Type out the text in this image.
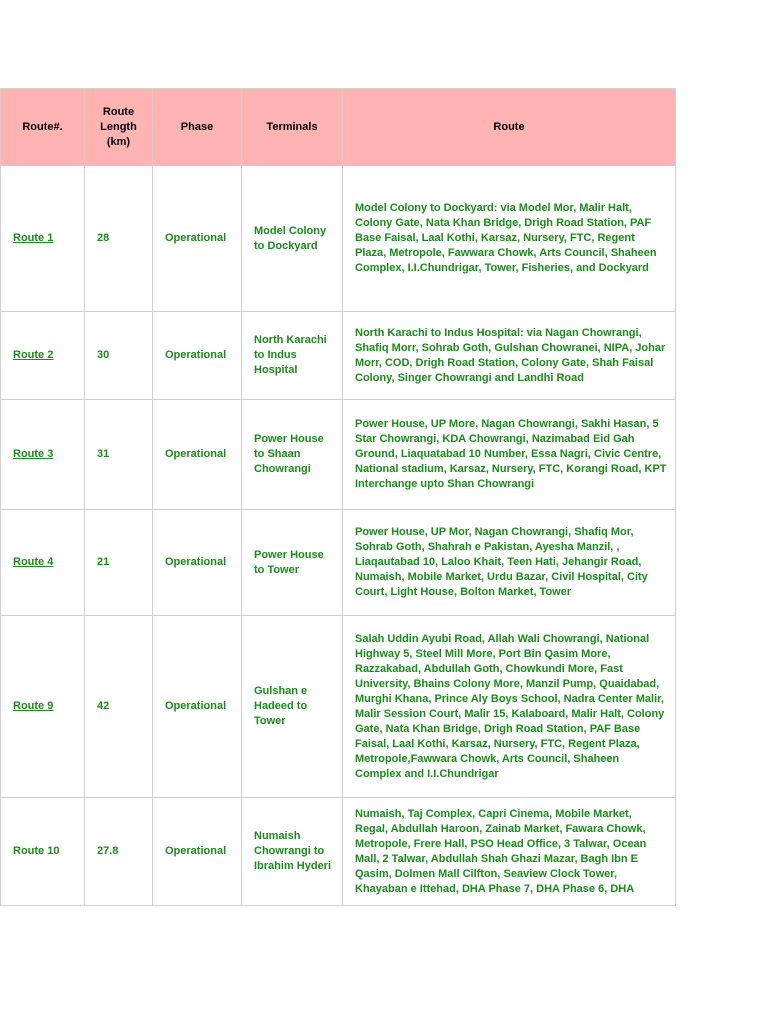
Route#.	Route
Length
(km)	Phase	Terminals	Route
Route 1	28	Operational	Model Colony to Dockyard	Model Colony to Dockyard: via Model Mor, Malir Halt, Colony Gate, Nata Khan Bridge, Drigh Road Station, PAF Base Faisal, Laal Kothi, Karsaz, Nursery, FTC, Regent Plaza, Metropole, Fawwara Chowk, Arts Council, Shaheen Complex, I.I.Chundrigar, Tower, Fisheries, and Dockyard
Route 2	30	Operational	North Karachi to Indus Hospital	North Karachi to Indus Hospital: via Nagan Chowrangi, Shafiq Morr, Sohrab Goth, Gulshan Chowranei, NIPA, Johar Morr, COD, Drigh Road Station, Colony Gate, Shah Faisal Colony, Singer Chowrangi and Landhi Road
Route 3	31	Operational	Power House to Shaan Chowrangi	Power House, UP More, Nagan Chowrangi, Sakhi Hasan, 5 Star Chowrangi, KDA Chowrangi, Nazimabad Eid Gah Ground, Liaquatabad 10 Number, Essa Nagri, Civic Centre, National stadium, Karsaz, Nursery, FTC, Korangi Road, KPT Interchange upto Shan Chowrangi
Route 4	21	Operational	Power House to Tower	Power House, UP Mor, Nagan Chowrangi, Shafiq Mor, Sohrab Goth, Shahrah e Pakistan, Ayesha Manzil, , Liaqautabad 10, Laloo Khait, Teen Hati, Jehangir Road, Numaish, Mobile Market, Urdu Bazar, Civil Hospital, City Court, Light House, Bolton Market, Tower
Route 9	42	Operational	Gulshan e Hadeed to Tower	Salah Uddin Ayubi Road, Allah Wali Chowrangi, National Highway 5, Steel Mill More, Port Bin Qasim More, Razzakabad, Abdullah Goth, Chowkundi More, Fast University, Bhains Colony More, Manzil Pump, Quaidabad, Murghi Khana, Prince Aly Boys School, Nadra Center Malir, Malir Session Court, Malir 15, Kalaboard, Malir Halt, Colony Gate, Nata Khan Bridge, Drigh Road Station, PAF Base Faisal, Laal Kothi, Karsaz, Nursery, FTC, Regent Plaza, Metropole,Fawwara Chowk, Arts Council, Shaheen Complex and I.I.Chundrigar
Route 10	27.8	Operational	Numaish Chowrangi to Ibrahim Hyderi	Numaish, Taj Complex, Capri Cinema, Mobile Market, Regal, Abdullah Haroon, Zainab Market, Fawara Chowk, Metropole, Frere Hall, PSO Head Office, 3 Talwar, Ocean Mall, 2 Talwar, Abdullah Shah Ghazi Mazar, Bagh Ibn E Qasim, Dolmen Mall Cilfton, Seaview Clock Tower, Khayaban e Ittehad, DHA Phase 7, DHA Phase 6, DHA
